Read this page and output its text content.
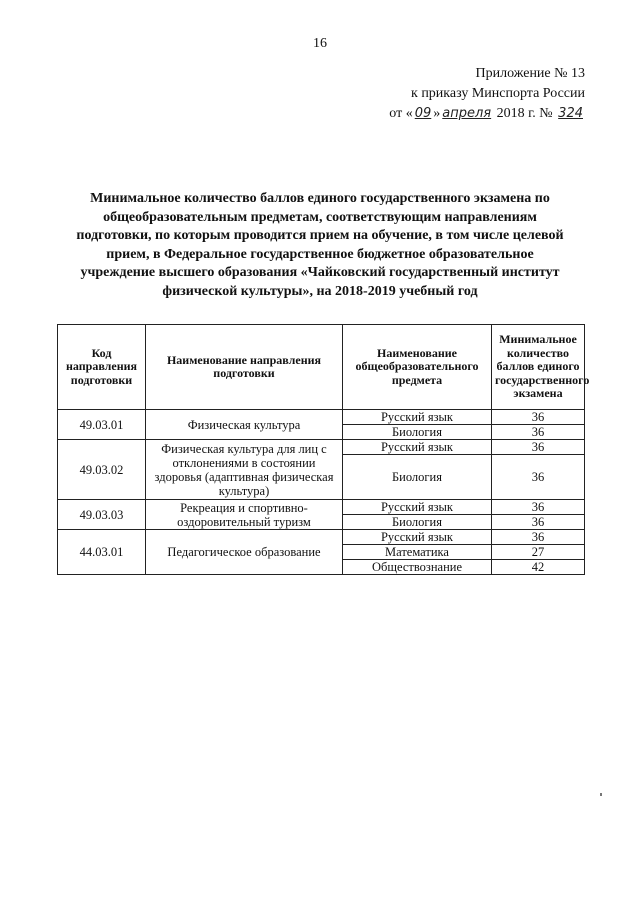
16
Приложение № 13
к приказу Минспорта России
от « 09 » апреля 2018 г. № 324
Минимальное количество баллов единого государственного экзамена по общеобразовательным предметам, соответствующим направлениям подготовки, по которым проводится прием на обучение, в том числе целевой прием, в Федеральное государственное бюджетное образовательное учреждение высшего образования «Чайковский государственный институт физической культуры», на 2018-2019 учебный год
Код направления подготовки	Наименование направления подготовки	Наименование общеобразовательного предмета	Минимальное количество баллов единого государственного экзамена
49.03.01	Физическая культура	Русский язык	36
		Биология	36
49.03.02	Физическая культура для лиц с отклонениями в состоянии здоровья (адаптивная физическая культура)	Русский язык	36
		Биология	36
49.03.03	Рекреация и спортивно-оздоровительный туризм	Русский язык	36
		Биология	36
44.03.01	Педагогическое образование	Русский язык	36
		Математика	27
		Обществознание	42
